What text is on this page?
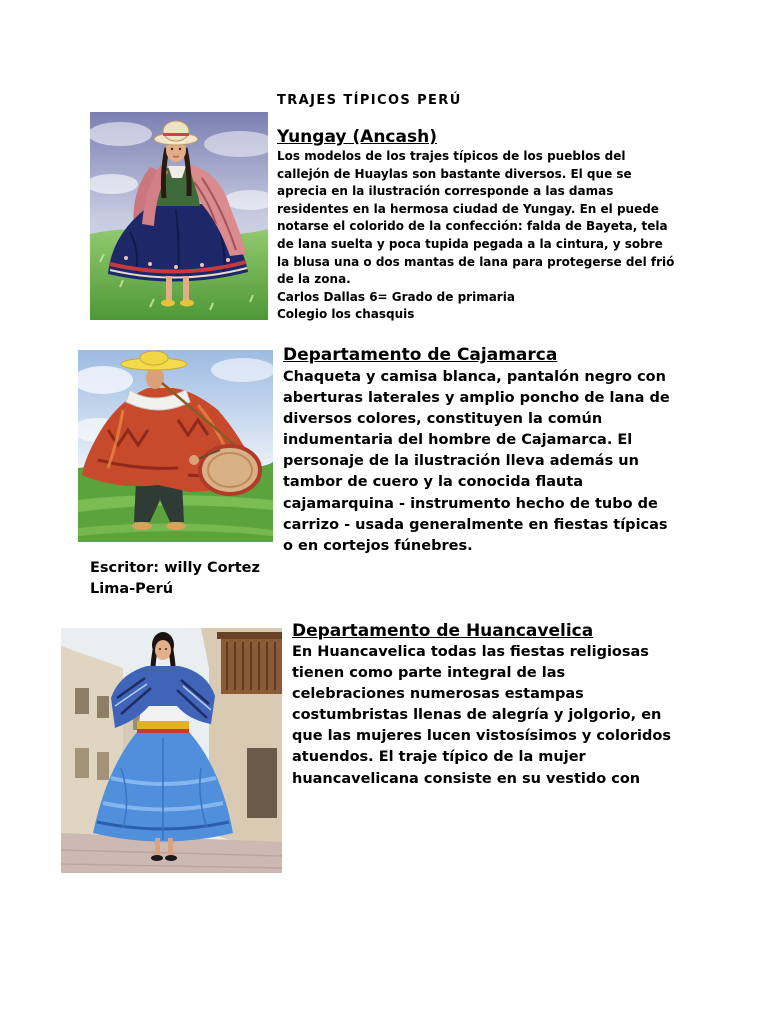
TRAJES TÍPICOS PERÚ
Yungay (Ancash)
Los modelos de los trajes típicos de los pueblos del
callejón de Huaylas son bastante diversos. El que se
aprecia en la ilustración corresponde a las damas
residentes en la hermosa ciudad de Yungay. En el puede
notarse el colorido de la confección: falda de Bayeta, tela
de lana suelta y poca tupida pegada a la cintura, y sobre
la blusa una o dos mantas de lana para protegerse del frió
de la zona.
Carlos Dallas 6= Grado de primaria
Colegio los chasquis
Departamento de Cajamarca
Chaqueta y camisa blanca, pantalón negro con
aberturas laterales y amplio poncho de lana de
diversos colores, constituyen la común
indumentaria del hombre de Cajamarca. El
personaje de la ilustración lleva además un
tambor de cuero y la conocida flauta
cajamarquina - instrumento hecho de tubo de
carrizo - usada generalmente en fiestas típicas
o en cortejos fúnebres.
Escritor: willy Cortez
Lima-Perú
Departamento de Huancavelica
En Huancavelica todas las fiestas religiosas
tienen como parte integral de las
celebraciones numerosas estampas
costumbristas llenas de alegría y jolgorio, en
que las mujeres lucen vistosísimos y coloridos
atuendos. El traje típico de la mujer
huancavelicana consiste en su vestido con
